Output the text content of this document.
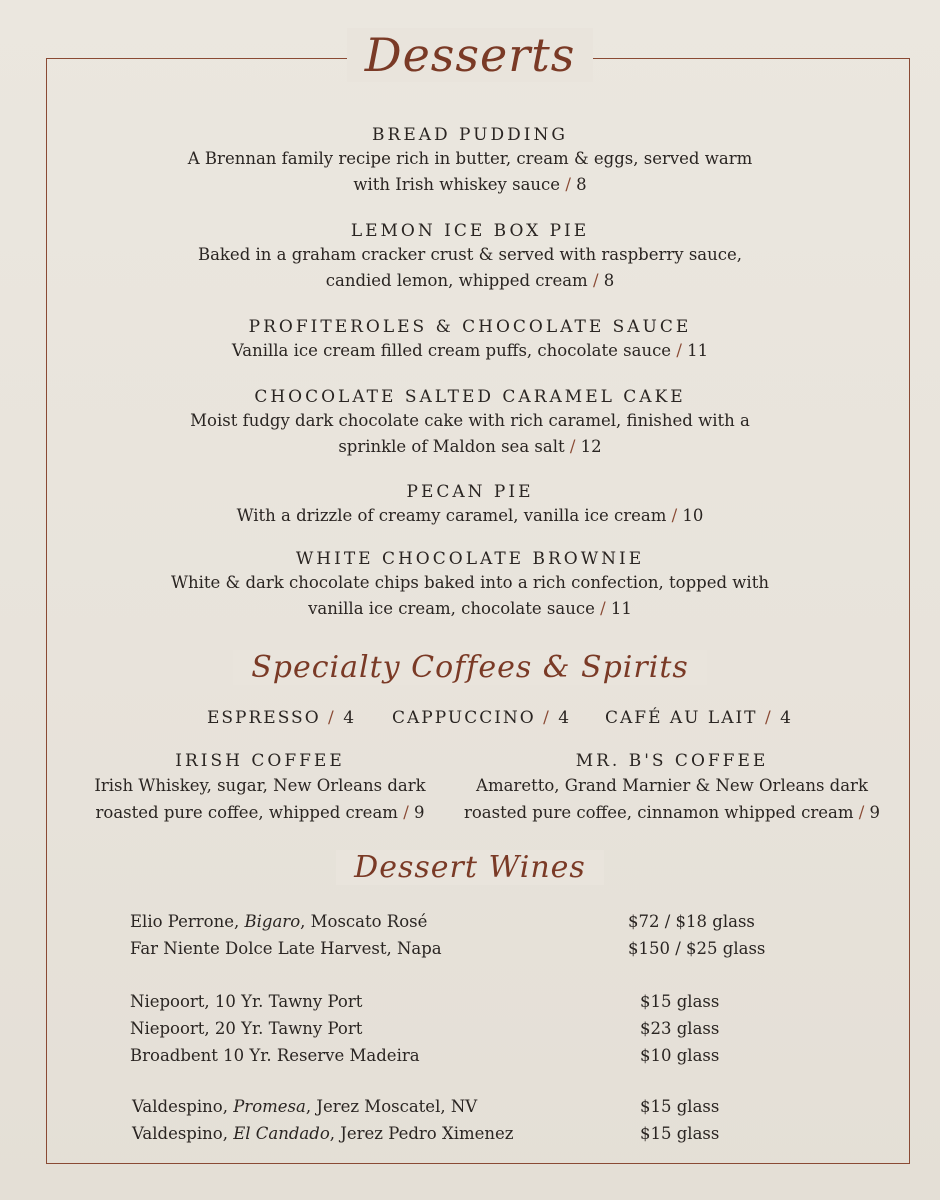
Desserts
Specialty Coffees & Spirits
Dessert Wines
BREAD PUDDING
A Brennan family recipe rich in butter, cream & eggs, served warm
with Irish whiskey sauce / 8
LEMON ICE BOX PIE
Baked in a graham cracker crust & served with raspberry sauce,
candied lemon, whipped cream / 8
PROFITEROLES & CHOCOLATE SAUCE
Vanilla ice cream filled cream puffs, chocolate sauce / 11
CHOCOLATE SALTED CARAMEL CAKE
Moist fudgy dark chocolate cake with rich caramel, finished with a
sprinkle of Maldon sea salt / 12
PECAN PIE
With a drizzle of creamy caramel, vanilla ice cream / 10
WHITE CHOCOLATE BROWNIE
White & dark chocolate chips baked into a rich confection, topped with
vanilla ice cream, chocolate sauce / 11
ESPRESSO / 4 CAPPUCCINO / 4 CAFÉ AU LAIT / 4
IRISH COFFEE
Irish Whiskey, sugar, New Orleans dark
roasted pure coffee, whipped cream / 9
MR. B'S COFFEE
Amaretto, Grand Marnier & New Orleans dark
roasted pure coffee, cinnamon whipped cream / 9
Elio Perrone, Bigaro, Moscato Rosé	$72 / $18 glass
Far Niente Dolce Late Harvest, Napa	$150 / $25 glass
Niepoort, 10 Yr. Tawny Port	$15 glass
Niepoort, 20 Yr. Tawny Port	$23 glass
Broadbent 10 Yr. Reserve Madeira	$10 glass
Valdespino, Promesa, Jerez Moscatel, NV	$15 glass
Valdespino, El Candado, Jerez Pedro Ximenez	$15 glass
